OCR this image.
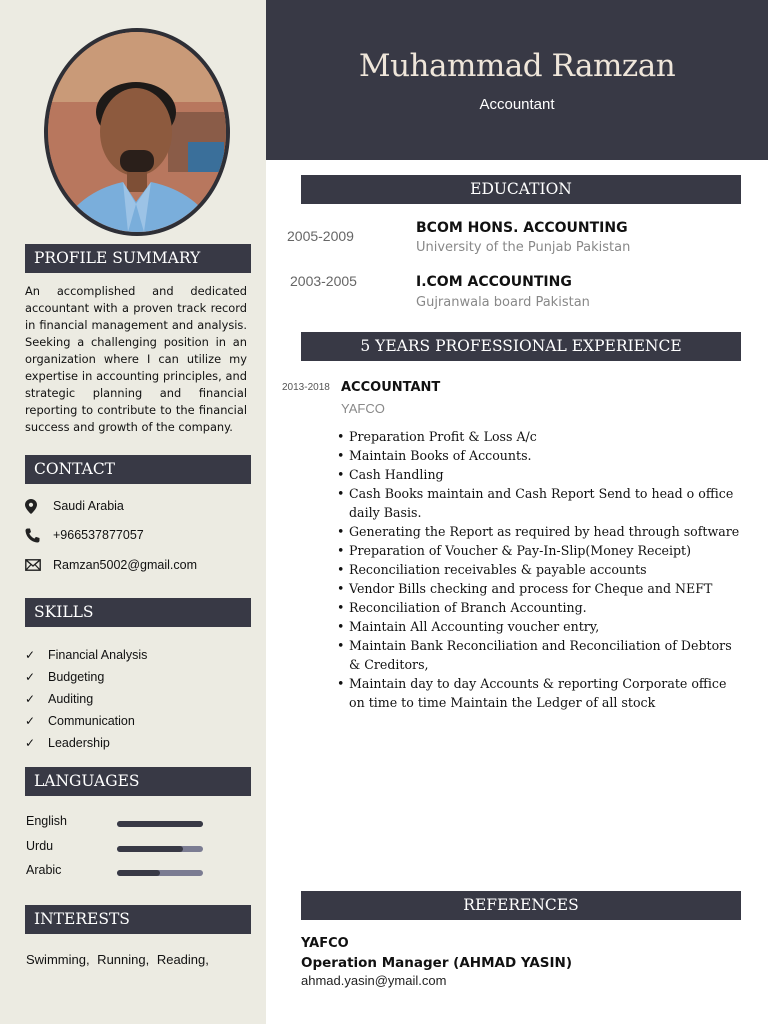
Muhammad Ramzan
Accountant
PROFILE SUMMARY
An accomplished and dedicated accountant with a proven track record in financial management and analysis. Seeking a challenging position in an organization where I can utilize my expertise in accounting principles, and strategic planning and financial reporting to contribute to the financial success and growth of the company.
CONTACT
Saudi Arabia
+966537877057
Ramzan5002@gmail.com
SKILLS
✓	Financial Analysis
✓	Budgeting
✓	Auditing
✓	Communication
✓	Leadership
LANGUAGES
English
Urdu
Arabic
INTERESTS
Swimming, Running, Reading,
EDUCATION
2005-2009	BCOM HONS. ACCOUNTING
University of the Punjab Pakistan
2003-2005	I.COM ACCOUNTING
Gujranwala board Pakistan
5 YEARS PROFESSIONAL EXPERIENCE
2013-2018 ACCOUNTANT
YAFCO
• Preparation Profit & Loss A/c
• Maintain Books of Accounts.
• Cash Handling
• Cash Books maintain and Cash Report Send to head o office daily Basis.
• Generating the Report as required by head through software
• Preparation of Voucher & Pay-In-Slip(Money Receipt)
• Reconciliation receivables & payable accounts
• Vendor Bills checking and process for Cheque and NEFT
• Reconciliation of Branch Accounting.
• Maintain All Accounting voucher entry,
• Maintain Bank Reconciliation and Reconciliation of Debtors & Creditors,
• Maintain day to day Accounts & reporting Corporate office on time to time Maintain the Ledger of all stock
REFERENCES
YAFCO
Operation Manager (AHMAD YASIN)
ahmad.yasin@ymail.com
